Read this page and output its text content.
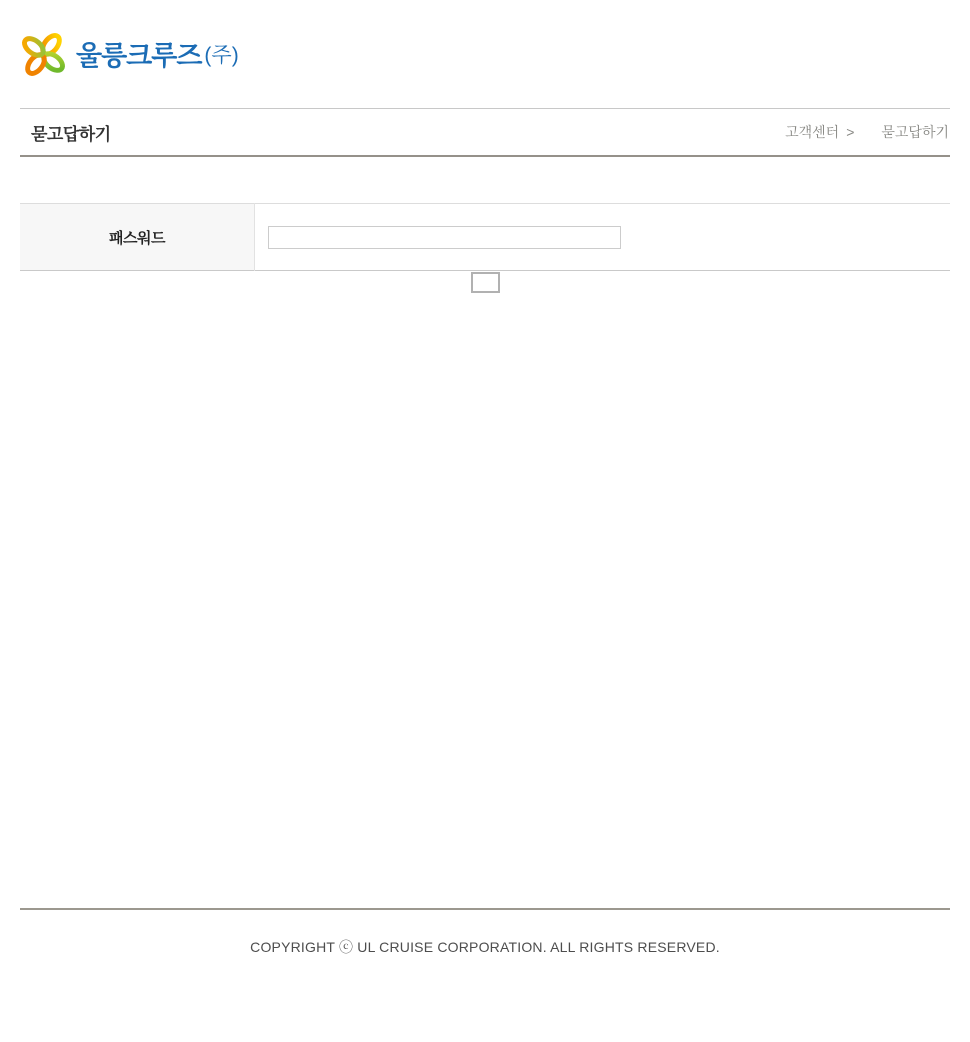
울릉크루즈 (주)
묻고답하기	고객센터 > 묻고답하기
패스워드	

COPYRIGHT ⓒ UL CRUISE CORPORATION. ALL RIGHTS RESERVED.
